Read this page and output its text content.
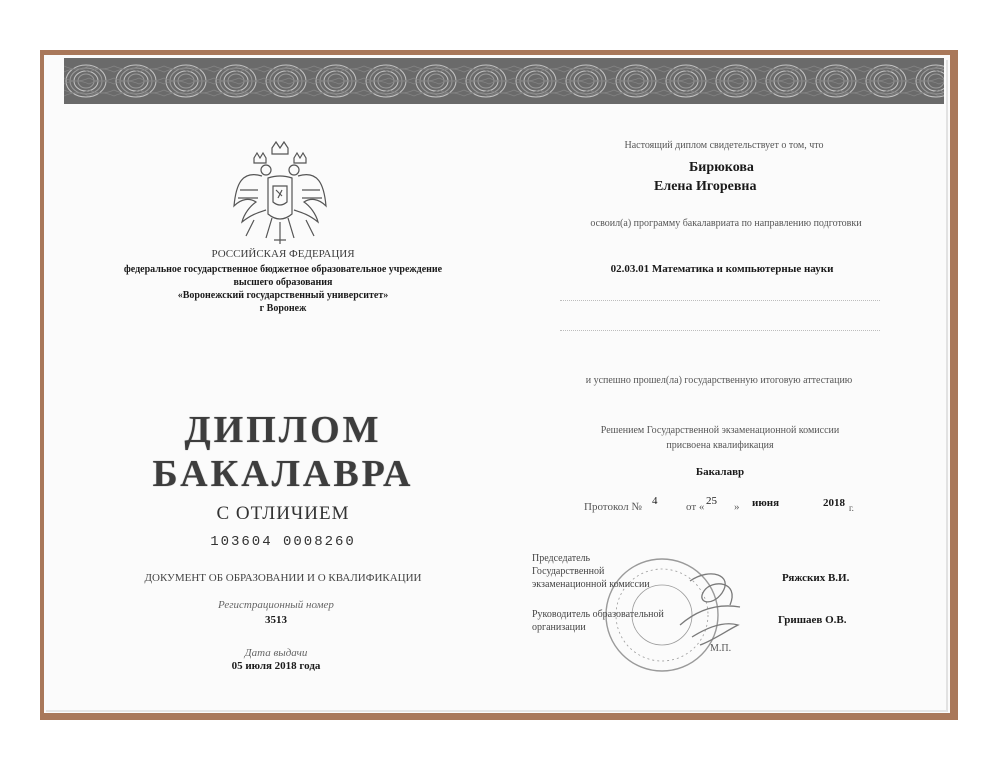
РОССИЙСКАЯ ФЕДЕРАЦИЯ
федеральное государственное бюджетное образовательное учреждение
высшего образования
«Воронежский государственный университет»
г Воронеж
ДИПЛОМ
БАКАЛАВРА
С ОТЛИЧИЕМ
103604 0008260
ДОКУМЕНТ ОБ ОБРАЗОВАНИИ И О КВАЛИФИКАЦИИ
Регистрационный номер
3513
Дата выдачи
05 июля 2018 года
Настоящий диплом свидетельствует о том, что
Бирюкова
Елена Игоревна
освоил(а) программу бакалавриата по направлению подготовки
02.03.01 Математика и компьютерные науки
и успешно прошел(ла) государственную итоговую аттестацию
Решением Государственной экзаменационной комиссии
присвоена квалификация
Бакалавр
Протокол № 4	от « 25 » июня	2018 г.
Председатель
Государственной
экзаменационной комиссии
Ряжских В.И.
Руководитель образовательной
организации
Гришаев О.В.
М.П.
